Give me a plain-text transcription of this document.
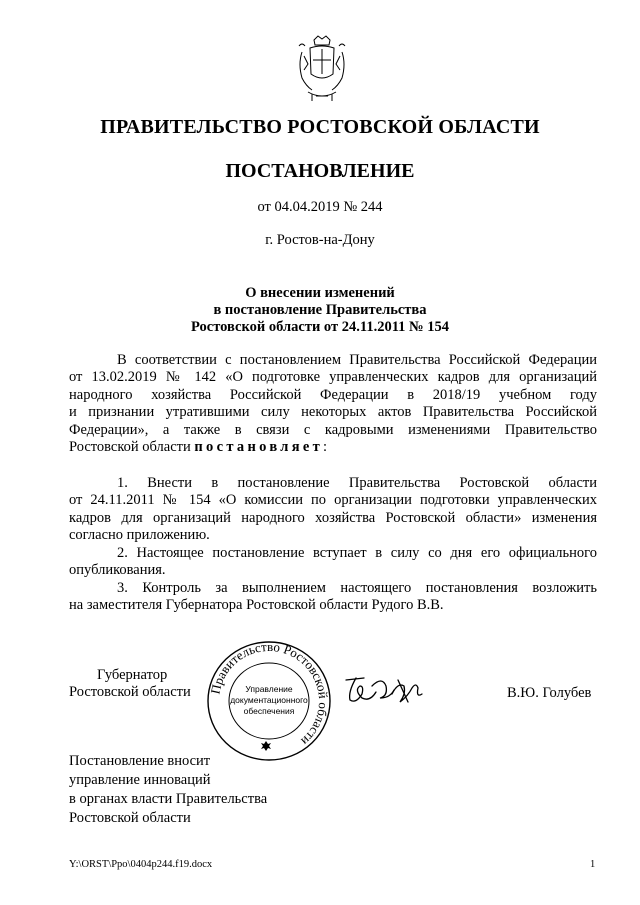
ПРАВИТЕЛЬСТВО РОСТОВСКОЙ ОБЛАСТИ
ПОСТАНОВЛЕНИЕ
от 04.04.2019 № 244
г. Ростов-на-Дону
О внесении изменений
в постановление Правительства
Ростовской области от 24.11.2011 № 154
В соответствии с постановлением Правительства Российской Федерации
от 13.02.2019 № 142 «О подготовке управленческих кадров для организаций
народного хозяйства Российской Федерации в 2018/19 учебном году
и признании утратившими силу некоторых актов Правительства Российской
Федерации», а также в связи с кадровыми изменениями Правительство
Ростовской области постановляет:
1. Внести в постановление Правительства Ростовской области
от 24.11.2011 № 154 «О комиссии по организации подготовки управленческих
кадров для организаций народного хозяйства Ростовской области» изменения
согласно приложению.
2. Настоящее постановление вступает в силу со дня его официального
опубликования.
3. Контроль за выполнением настоящего постановления возложить
на заместителя Губернатора Ростовской области Рудого В.В.
Губернатор
Ростовской области Правительство Ростовской области
Управление
документационного
обеспечения
В.Ю. Голубев
Постановление вносит
управление инноваций
в органах власти Правительства
Ростовской области
Y:\ORST\Ppo\0404p244.f19.docx	1
